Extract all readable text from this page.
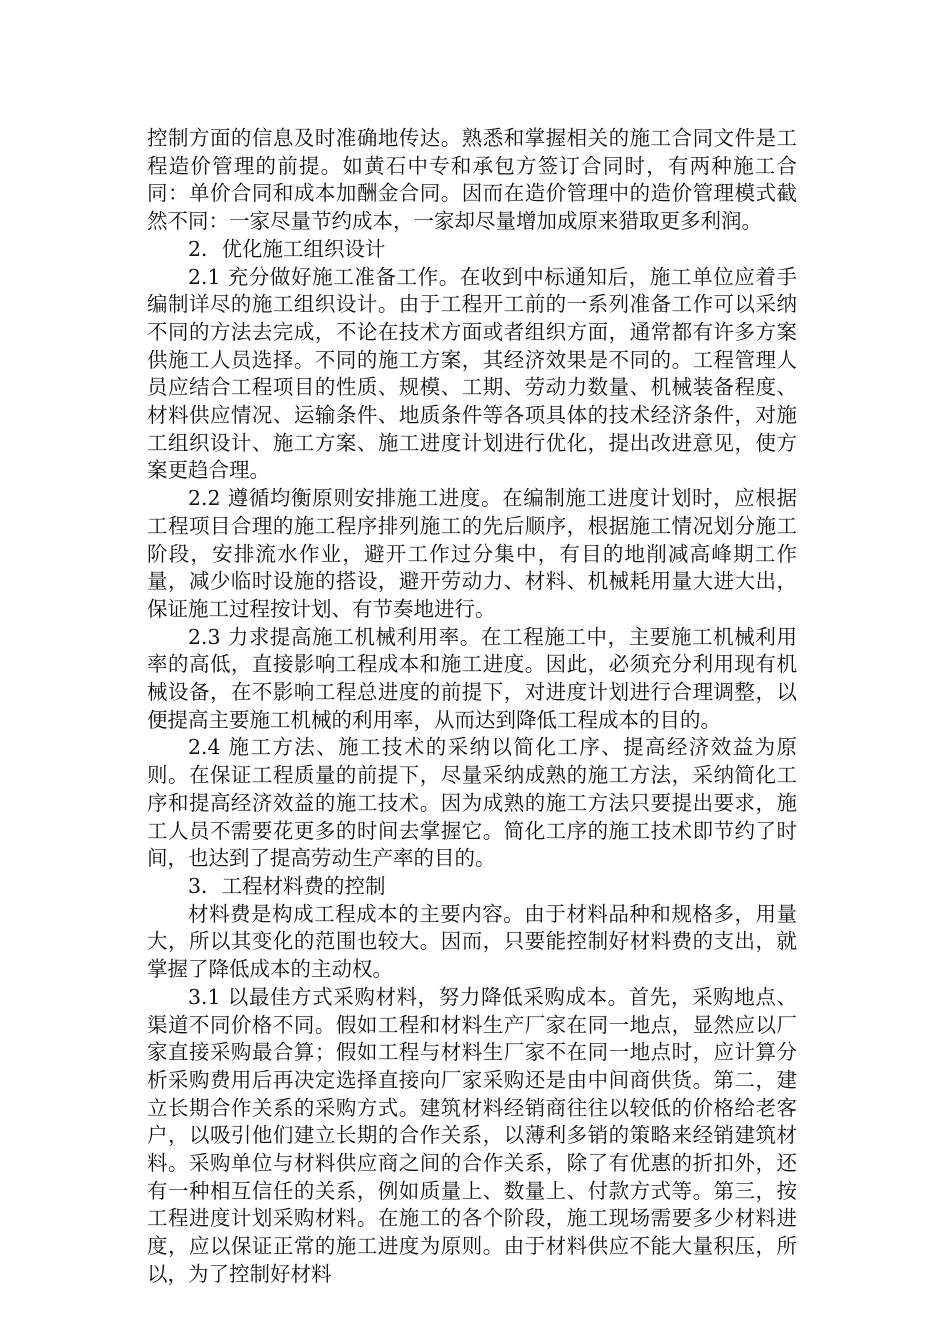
控制方面的信息及时准确地传达。熟悉和掌握相关的施工合同文件是工程造价管理的前提。如黄石中专和承包方签订合同时，有两种施工合同：单价合同和成本加酬金合同。因而在造价管理中的造价管理模式截然不同：一家尽量节约成本，一家却尽量增加成原来猎取更多利润。

2．优化施工组织设计

2.1 充分做好施工准备工作。在收到中标通知后，施工单位应着手编制详尽的施工组织设计。由于工程开工前的一系列准备工作可以采纳不同的方法去完成，不论在技术方面或者组织方面，通常都有许多方案供施工人员选择。不同的施工方案，其经济效果是不同的。工程管理人员应结合工程项目的性质、规模、工期、劳动力数量、机械装备程度、材料供应情况、运输条件、地质条件等各项具体的技术经济条件，对施工组织设计、施工方案、施工进度计划进行优化，提出改进意见，使方案更趋合理。

2.2 遵循均衡原则安排施工进度。在编制施工进度计划时，应根据工程项目合理的施工程序排列施工的先后顺序，根据施工情况划分施工阶段，安排流水作业，避开工作过分集中，有目的地削减高峰期工作量，减少临时设施的搭设，避开劳动力、材料、机械耗用量大进大出，保证施工过程按计划、有节奏地进行。

2.3 力求提高施工机械利用率。在工程施工中，主要施工机械利用率的高低，直接影响工程成本和施工进度。因此，必须充分利用现有机械设备，在不影响工程总进度的前提下，对进度计划进行合理调整，以便提高主要施工机械的利用率，从而达到降低工程成本的目的。

2.4 施工方法、施工技术的采纳以简化工序、提高经济效益为原则。在保证工程质量的前提下，尽量采纳成熟的施工方法，采纳简化工序和提高经济效益的施工技术。因为成熟的施工方法只要提出要求，施工人员不需要花更多的时间去掌握它。简化工序的施工技术即节约了时间，也达到了提高劳动生产率的目的。

3．工程材料费的控制

材料费是构成工程成本的主要内容。由于材料品种和规格多，用量大，所以其变化的范围也较大。因而，只要能控制好材料费的支出，就掌握了降低成本的主动权。

3.1 以最佳方式采购材料，努力降低采购成本。首先，采购地点、渠道不同价格不同。假如工程和材料生产厂家在同一地点，显然应以厂家直接采购最合算；假如工程与材料生厂家不在同一地点时，应计算分析采购费用后再决定选择直接向厂家采购还是由中间商供货。第二，建立长期合作关系的采购方式。建筑材料经销商往往以较低的价格给老客户，以吸引他们建立长期的合作关系，以薄利多销的策略来经销建筑材料。采购单位与材料供应商之间的合作关系，除了有优惠的折扣外，还有一种相互信任的关系，例如质量上、数量上、付款方式等。第三，按工程进度计划采购材料。在施工的各个阶段，施工现场需要多少材料进度，应以保证正常的施工进度为原则。由于材料供应不能大量积压，所以，为了控制好材料
